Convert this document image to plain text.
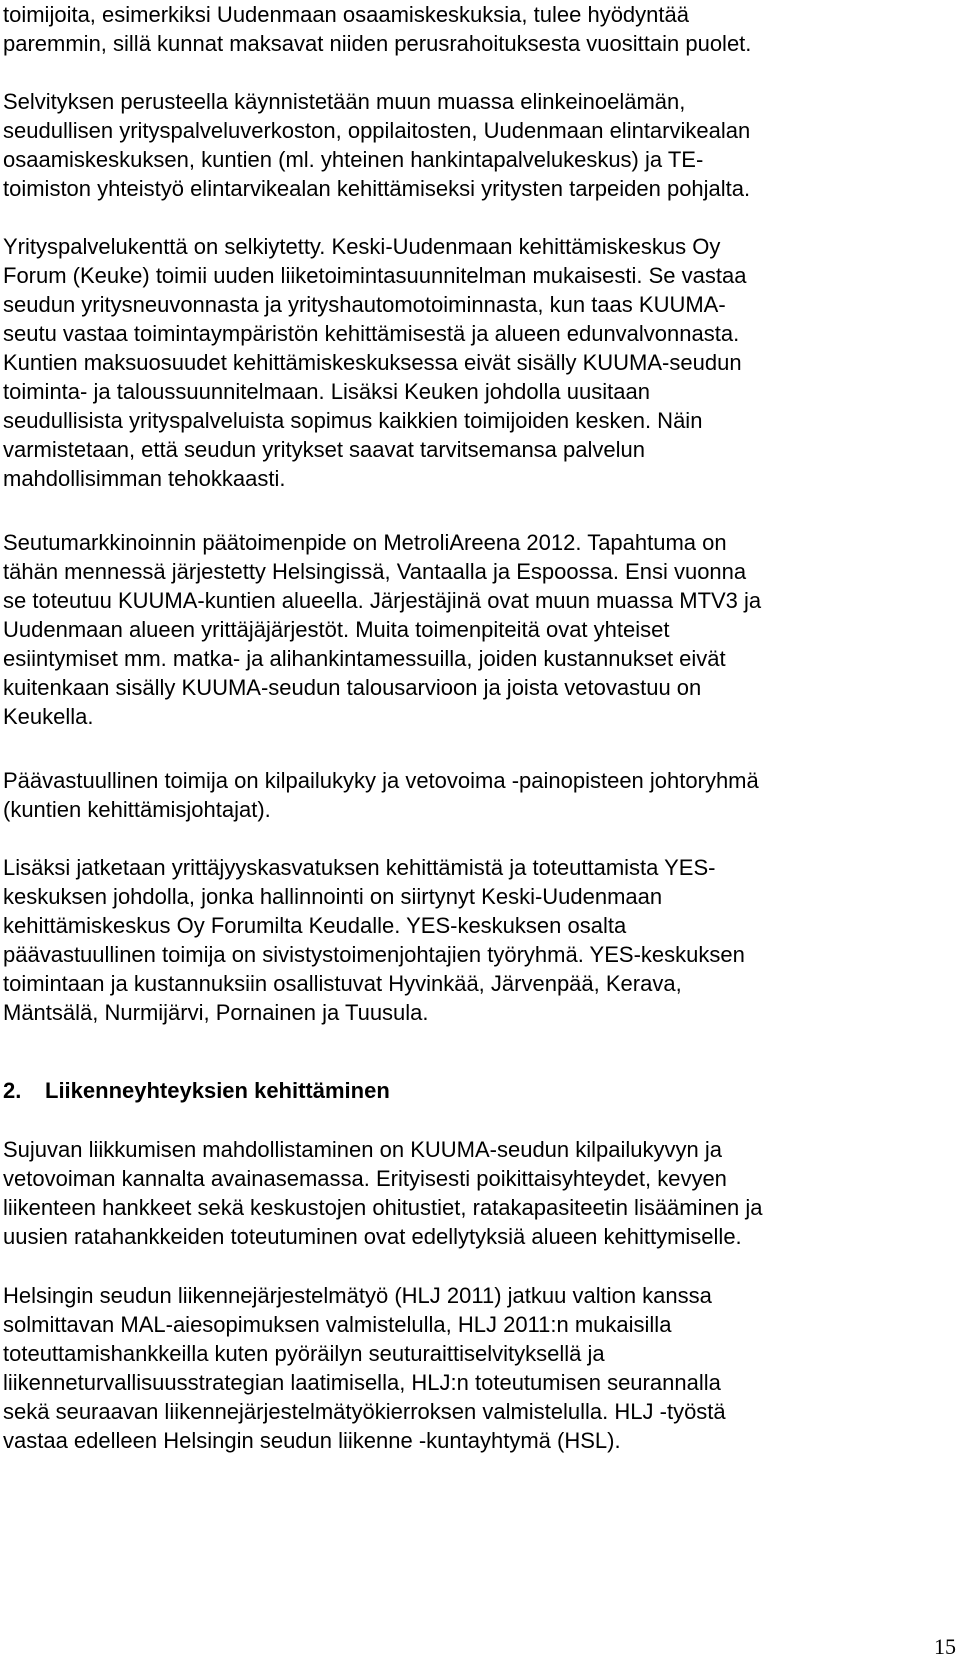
toimijoita, esimerkiksi Uudenmaan osaamiskeskuksia, tulee hyödyntää
paremmin, sillä kunnat maksavat niiden perusrahoituksesta vuosittain puolet.
Selvityksen perusteella käynnistetään muun muassa elinkeinoelämän,
seudullisen yrityspalveluverkoston, oppilaitosten, Uudenmaan elintarvikealan
osaamiskeskuksen, kuntien (ml. yhteinen hankintapalvelukeskus) ja TE-
toimiston yhteistyö elintarvikealan kehittämiseksi yritysten tarpeiden pohjalta.
Yrityspalvelukenttä on selkiytetty. Keski-Uudenmaan kehittämiskeskus Oy
Forum (Keuke) toimii uuden liiketoimintasuunnitelman mukaisesti. Se vastaa
seudun yritysneuvonnasta ja yrityshautomotoiminnasta, kun taas KUUMA-
seutu vastaa toimintaympäristön kehittämisestä ja alueen edunvalvonnasta.
Kuntien maksuosuudet kehittämiskeskuksessa eivät sisälly KUUMA-seudun
toiminta- ja taloussuunnitelmaan. Lisäksi Keuken johdolla uusitaan
seudullisista yrityspalveluista sopimus kaikkien toimijoiden kesken. Näin
varmistetaan, että seudun yritykset saavat tarvitsemansa palvelun
mahdollisimman tehokkaasti.
Seutumarkkinoinnin päätoimenpide on MetroliAreena 2012. Tapahtuma on
tähän mennessä järjestetty Helsingissä, Vantaalla ja Espoossa. Ensi vuonna
se toteutuu KUUMA-kuntien alueella. Järjestäjinä ovat muun muassa MTV3 ja
Uudenmaan alueen yrittäjäjärjestöt. Muita toimenpiteitä ovat yhteiset
esiintymiset mm. matka- ja alihankintamessuilla, joiden kustannukset eivät
kuitenkaan sisälly KUUMA-seudun talousarvioon ja joista vetovastuu on
Keukella.
Päävastuullinen toimija on kilpailukyky ja vetovoima -painopisteen johtoryhmä
(kuntien kehittämisjohtajat).
Lisäksi jatketaan yrittäjyyskasvatuksen kehittämistä ja toteuttamista YES-
keskuksen johdolla, jonka hallinnointi on siirtynyt Keski-Uudenmaan
kehittämiskeskus Oy Forumilta Keudalle. YES-keskuksen osalta
päävastuullinen toimija on sivistystoimenjohtajien työryhmä. YES-keskuksen
toimintaan ja kustannuksiin osallistuvat Hyvinkää, Järvenpää, Kerava,
Mäntsälä, Nurmijärvi, Pornainen ja Tuusula.
2. Liikenneyhteyksien kehittäminen
Sujuvan liikkumisen mahdollistaminen on KUUMA-seudun kilpailukyvyn ja
vetovoiman kannalta avainasemassa. Erityisesti poikittaisyhteydet, kevyen
liikenteen hankkeet sekä keskustojen ohitustiet, ratakapasiteetin lisääminen ja
uusien ratahankkeiden toteutuminen ovat edellytyksiä alueen kehittymiselle.
Helsingin seudun liikennejärjestelmätyö (HLJ 2011) jatkuu valtion kanssa
solmittavan MAL-aiesopimuksen valmistelulla, HLJ 2011:n mukaisilla
toteuttamishankkeilla kuten pyöräilyn seuturaittiselvityksellä ja
liikenneturvallisuusstrategian laatimisella, HLJ:n toteutumisen seurannalla
sekä seuraavan liikennejärjestelmätyökierroksen valmistelulla. HLJ -työstä
vastaa edelleen Helsingin seudun liikenne -kuntayhtymä (HSL).
15
